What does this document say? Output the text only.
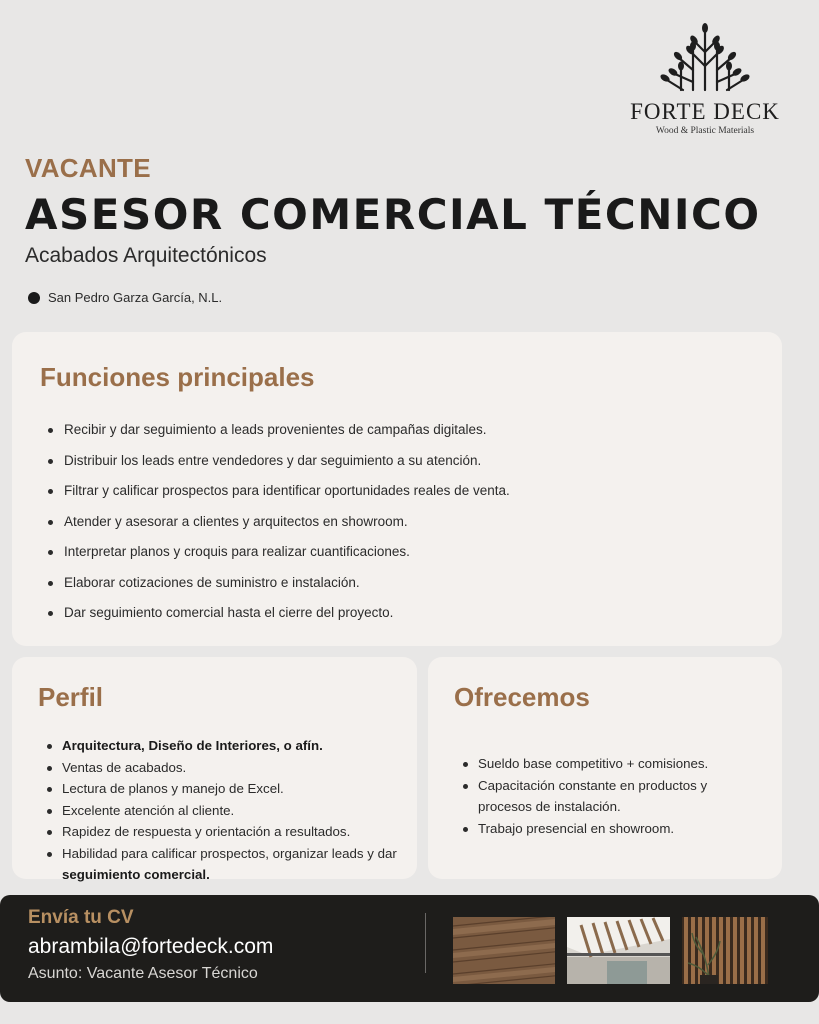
FORTE DECK
Wood & Plastic Materials
VACANTE
ASESOR COMERCIAL TÉCNICO
Acabados Arquitectónicos
San Pedro Garza García, N.L.
Funciones principales
Recibir y dar seguimiento a leads provenientes de campañas digitales.
Distribuir los leads entre vendedores y dar seguimiento a su atención.
Filtrar y calificar prospectos para identificar oportunidades reales de venta.
Atender y asesorar a clientes y arquitectos en showroom.
Interpretar planos y croquis para realizar cuantificaciones.
Elaborar cotizaciones de suministro e instalación.
Dar seguimiento comercial hasta el cierre del proyecto.
Perfil
Arquitectura, Diseño de Interiores, o afín.
Ventas de acabados.
Lectura de planos y manejo de Excel.
Excelente atención al cliente.
Rapidez de respuesta y orientación a resultados.
Habilidad para calificar prospectos, organizar leads y dar seguimiento comercial.
Ofrecemos
Sueldo base competitivo + comisiones.
Capacitación constante en productos y procesos de instalación.
Trabajo presencial en showroom.
Envía tu CV
abrambila@fortedeck.com
Asunto: Vacante Asesor Técnico
